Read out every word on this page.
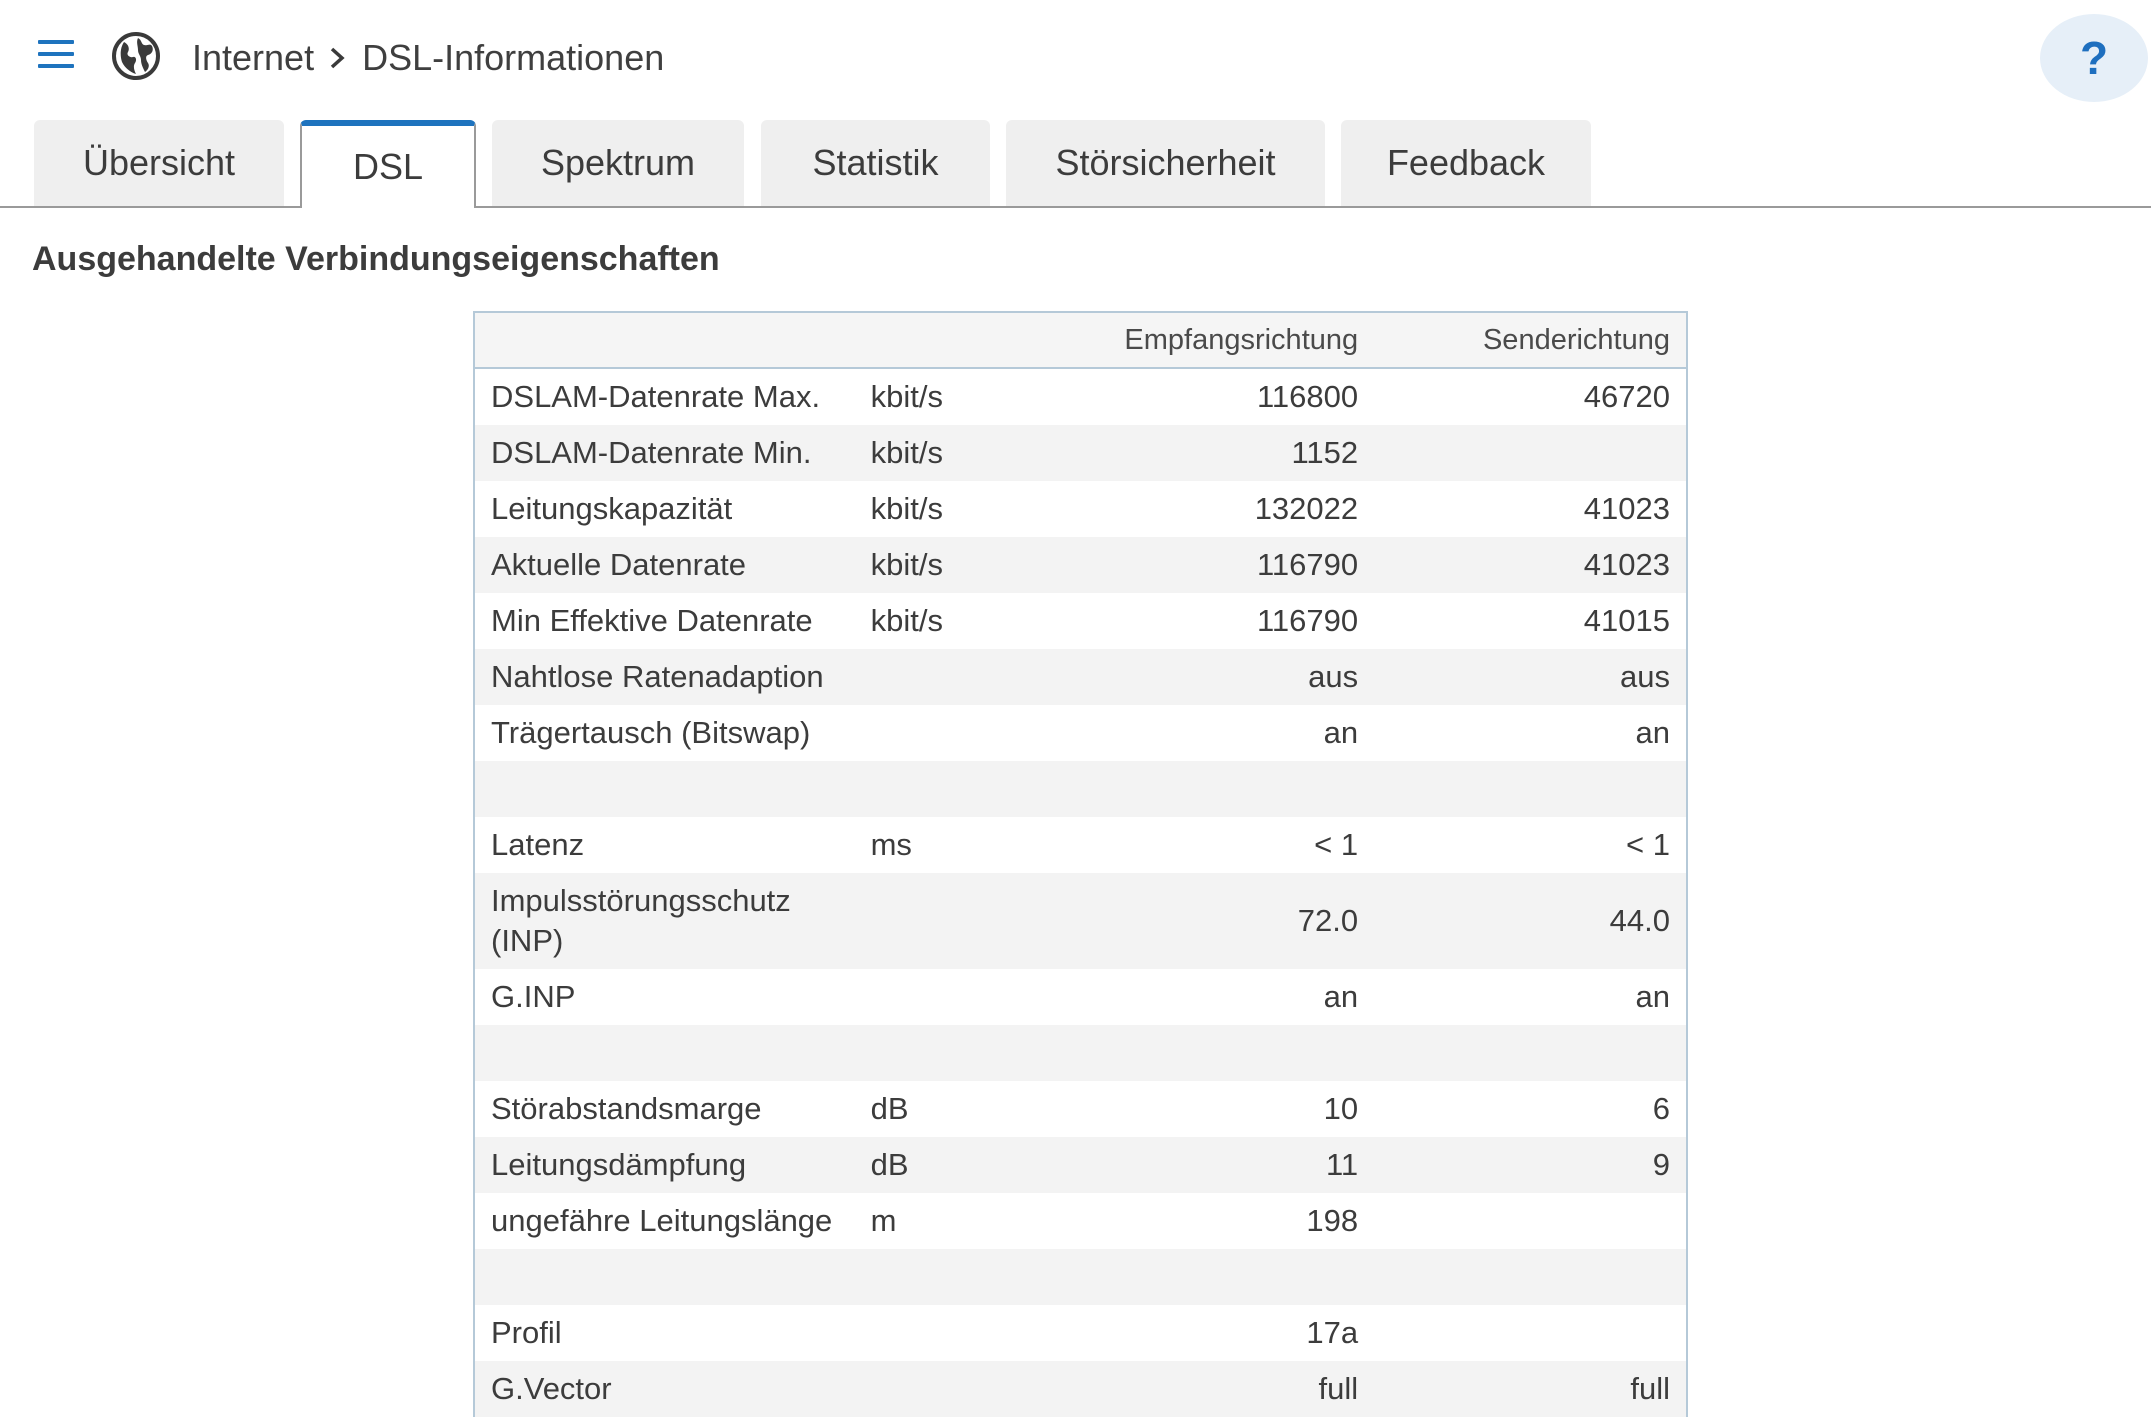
Internet DSL-Informationen	?
Übersicht	DSL	Spektrum	Statistik	Störsicherheit	Feedback
Ausgehandelte Verbindungseigenschaften
		Empfangsrichtung	Senderichtung
DSLAM-Datenrate Max.	kbit/s	116800	46720
DSLAM-Datenrate Min.	kbit/s	1152	
Leitungskapazität	kbit/s	132022	41023
Aktuelle Datenrate	kbit/s	116790	41023
Min Effektive Datenrate	kbit/s	116790	41015
Nahtlose Ratenadaption		aus	aus
Trägertausch (Bitswap)		an	an

Latenz	ms	< 1	< 1
Impulsstörungsschutz (INP)		72.0	44.0
G.INP		an	an

Störabstandsmarge	dB	10	6
Leitungsdämpfung	dB	11	9
ungefähre Leitungslänge	m	198	

Profil		17a	
G.Vector		full	full
